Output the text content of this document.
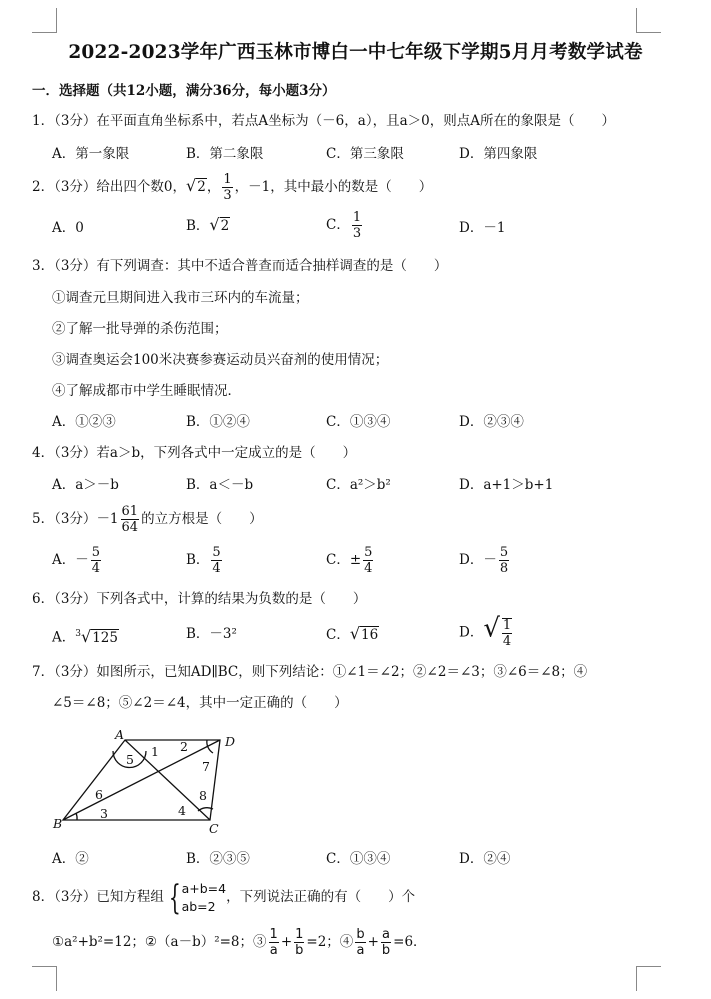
2022-2023学年广西玉林市博白一中七年级下学期5月月考数学试卷
一．选择题（共12小题，满分36分，每小题3分）
1．（3分）在平面直角坐标系中，若点A坐标为（－6，a），且a＞0，则点A所在的象限是（　　）
A．第一象限	B．第二象限	C．第三象限	D．第四象限
2．（3分）给出四个数0，√2， $\frac{1}{3}$ ，－1，其中最小的数是（　　）
A．0	B．√2	C． $\frac{1}{3}$	D．－1
3．（3分）有下列调查：其中不适合普查而适合抽样调查的是（　　）
①调查元旦期间进入我市三环内的车流量；
②了解一批导弹的杀伤范围；
③调查奥运会100米决赛参赛运动员兴奋剂的使用情况；
④了解成都市中学生睡眠情况．
A．①②③	B．①②④	C．①③④	D．②③④
4．（3分）若a＞b，下列各式中一定成立的是（　　）
A．a＞－b	B．a＜－b	C．a²＞b²	D．a+1＞b+1
5．（3分）$-1 \frac{61}{64}$ 的立方根是（　　）
A．－ $\frac{5}{4}$	B． $\frac{5}{4}$	C．± $\frac{5}{4}$	D．－ $\frac{5}{8}$
6．（3分）下列各式中，计算的结果为负数的是（　　）
A．$^3$√125	B．－3²	C．√16	D．√ $\frac{1}{4}$
7．（3分）如图所示，已知AD∥BC，则下列结论：①∠1＝∠2；②∠2＝∠3；③∠6＝∠8；④
∠5＝∠8；⑤∠2＝∠4，其中一定正确的（　　）
A	D
B	C
1 2
3	4
5
6
7
8
A．②	B．②③⑤	C．①③④	D．②④
8．（3分）已知方程组 { a+b=4
ab=2
，下列说法正确的有（　　）个
①a²+b²=12；②（a－b）²=8；③ $\frac{1}{a} + \frac{1}{b} =2$；④ $\frac{b}{a} + \frac{a}{b} =6$．
